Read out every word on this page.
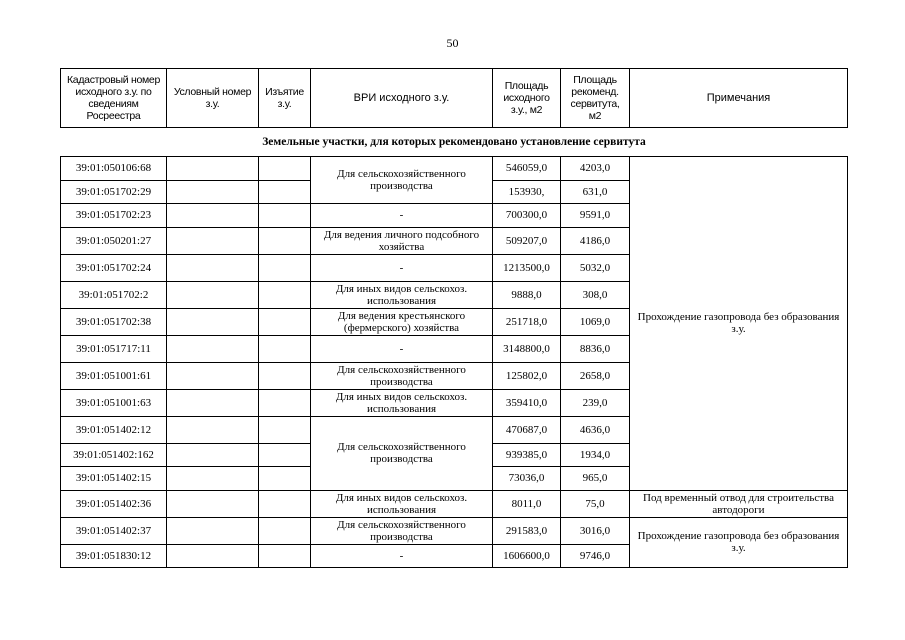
50
Кадастровый номер исходного з.у. по сведениям Росреестра	Условный номер з.у.	Изъятие з.у.	ВРИ исходного з.у.	Площадь исходного з.у., м2	Площадь рекоменд. сервитута, м2	Примечания
Земельные участки, для которых рекомендовано установление сервитута						
39:01:050106:68			Для сельскохозяйственного производства	546059,0	4203,0	Прохождение газопровода без образования з.у.
39:01:051702:29				153930,	631,0	
39:01:051702:23			-	700300,0	9591,0	
39:01:050201:27			Для ведения личного подсобного хозяйства	509207,0	4186,0	
39:01:051702:24			-	1213500,0	5032,0	
39:01:051702:2			Для иных видов сельскохоз. использования	9888,0	308,0	
39:01:051702:38			Для ведения крестьянского (фермерского) хозяйства	251718,0	1069,0	
39:01:051717:11			-	3148800,0	8836,0	
39:01:051001:61			Для сельскохозяйственного производства	125802,0	2658,0	
39:01:051001:63			Для иных видов сельскохоз. использования	359410,0	239,0	
39:01:051402:12			Для сельскохозяйственного производства	470687,0	4636,0	
39:01:051402:162				939385,0	1934,0	
39:01:051402:15				73036,0	965,0	
39:01:051402:36			Для иных видов сельскохоз. использования	8011,0	75,0	Под временный отвод для строительства автодороги
39:01:051402:37			Для сельскохозяйственного производства	291583,0	3016,0	Прохождение газопровода без образования з.у.
39:01:051830:12			-	1606600,0	9746,0	
